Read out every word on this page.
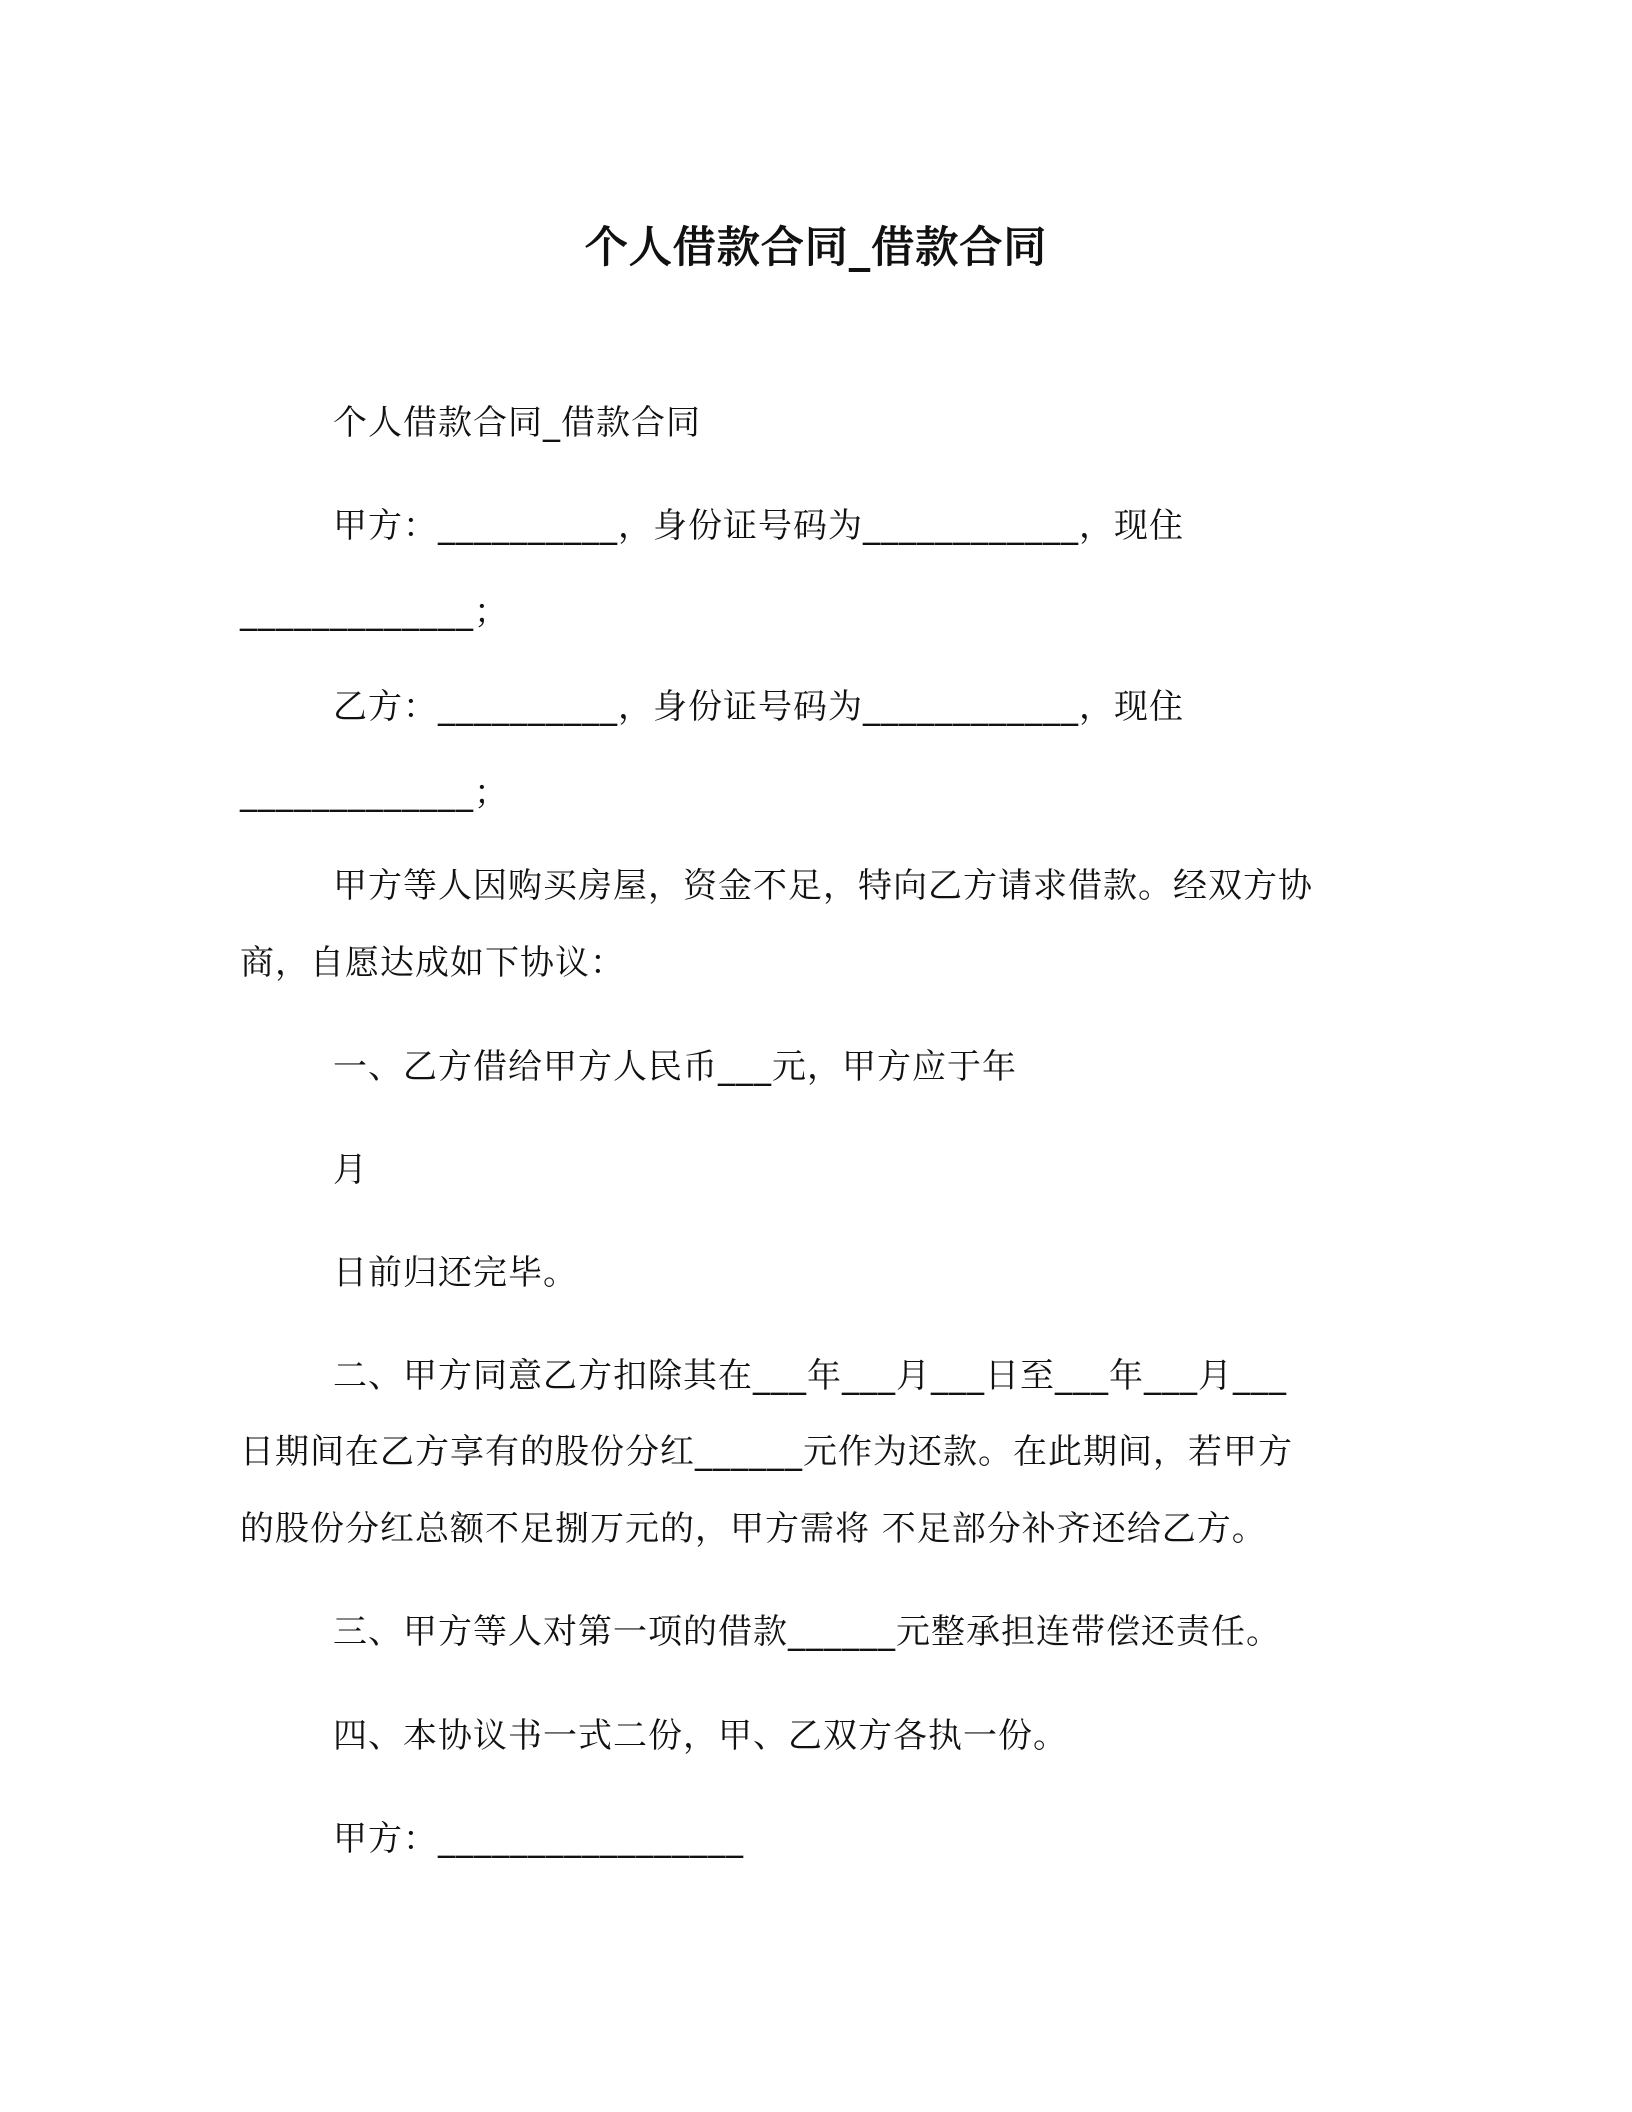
个人借款合同_借款合同
个人借款合同_借款合同
甲方：__________，身份证号码为____________，现住
_____________；
乙方：__________，身份证号码为____________，现住
_____________；
甲方等人因购买房屋，资金不足，特向乙方请求借款。经双方协
商，自愿达成如下协议：
一、乙方借给甲方人民币___元，甲方应于年
月
日前归还完毕。
二、甲方同意乙方扣除其在___年___月___日至___年___月___
日期间在乙方享有的股份分红______元作为还款。在此期间，若甲方
的股份分红总额不足捌万元的，甲方需将 不足部分补齐还给乙方。
三、甲方等人对第一项的借款______元整承担连带偿还责任。
四、本协议书一式二份，甲、乙双方各执一份。
甲方：_________________
